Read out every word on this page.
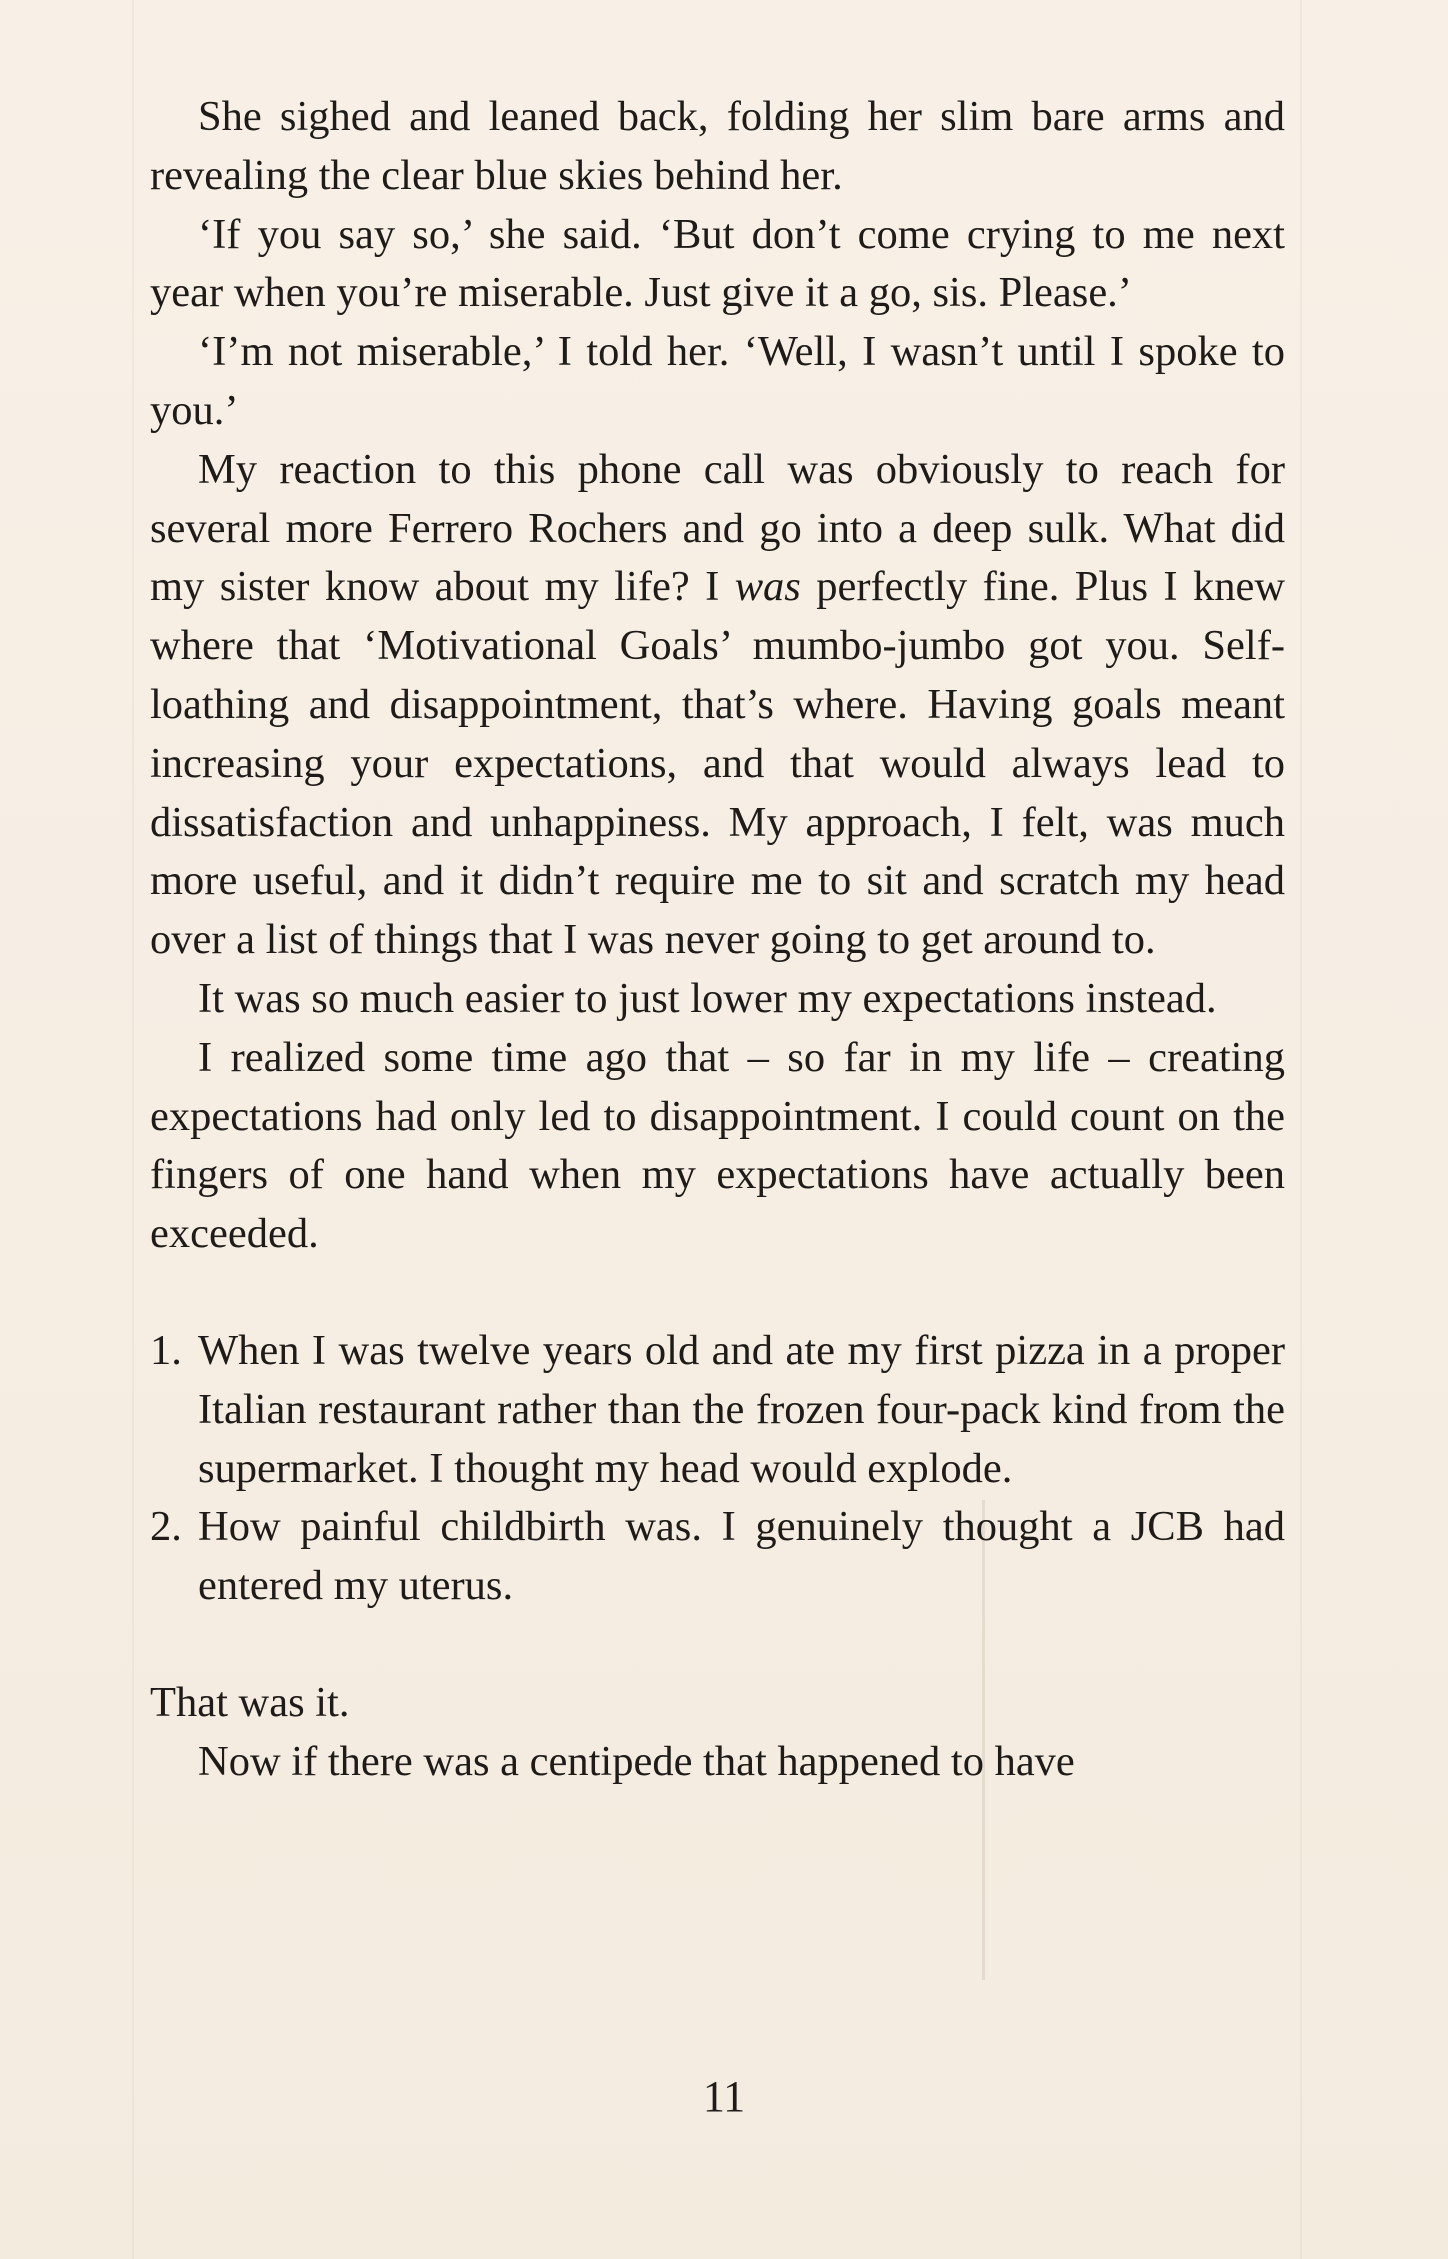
She sighed and leaned back, folding her slim bare arms and revealing the clear blue skies behind her.

‘If you say so,’ she said. ‘But don’t come crying to me next year when you’re miserable. Just give it a go, sis. Please.’

‘I’m not miserable,’ I told her. ‘Well, I wasn’t until I spoke to you.’

My reaction to this phone call was obviously to reach for several more Ferrero Rochers and go into a deep sulk. What did my sister know about my life? I was perfectly fine. Plus I knew where that ‘Motivational Goals’ mumbo-jumbo got you. Self-loathing and disappointment, that’s where. Having goals meant increasing your expectations, and that would always lead to dissatisfaction and unhappiness. My approach, I felt, was much more useful, and it didn’t require me to sit and scratch my head over a list of things that I was never going to get around to.

It was so much easier to just lower my expectations instead.

I realized some time ago that – so far in my life – creating expectations had only led to disappointment. I could count on the fingers of one hand when my expectations have actually been exceeded.

1. When I was twelve years old and ate my first pizza in a proper Italian restaurant rather than the frozen four-pack kind from the supermarket. I thought my head would explode.
2. How painful childbirth was. I genuinely thought a JCB had entered my uterus.

That was it.

Now if there was a centipede that happened to have

11
